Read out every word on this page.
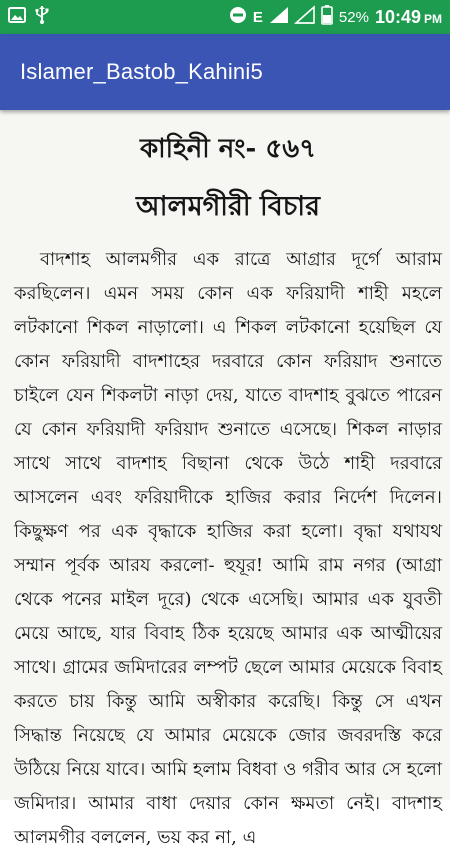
E	52% 10:49 PM
Islamer_Bastob_Kahini5
কাহিনী নং- ৫৬৭
আলমগীরী বিচার

বাদশাহ আলমগীর এক রাত্রে আগ্রার দূর্গে আরাম করছিলেন। এমন সময় কোন এক ফরিয়াদী শাহী মহলে লটকানো শিকল নাড়ালো। এ শিকল লটকানো হয়েছিল যে কোন ফরিয়াদী বাদশাহের দরবারে কোন ফরিয়াদ শুনাতে চাইলে যেন শিকলটা নাড়া দেয়, যাতে বাদশাহ বুঝতে পারেন যে কোন ফরিয়াদী ফরিয়াদ শুনাতে এসেছে। শিকল নাড়ার সাথে সাথে বাদশাহ বিছানা থেকে উঠে শাহী দরবারে আসলেন এবং ফরিয়াদীকে হাজির করার নির্দেশ দিলেন। কিছুক্ষণ পর এক বৃদ্ধাকে হাজির করা হলো। বৃদ্ধা যথাযথ সম্মান পূর্বক আরয করলো- হুযূর! আমি রাম নগর (আগ্রা থেকে পনের মাইল দূরে) থেকে এসেছি। আমার এক যুবতী মেয়ে আছে, যার বিবাহ ঠিক হয়েছে আমার এক আত্মীয়ের সাথে। গ্রামের জমিদারের লম্পট ছেলে আমার মেয়েকে বিবাহ করতে চায় কিন্তু আমি অস্বীকার করেছি। কিন্তু সে এখন সিদ্ধান্ত নিয়েছে যে আমার মেয়েকে জোর জবরদস্তি করে উঠিয়ে নিয়ে যাবে। আমি হলাম বিধবা ও গরীব আর সে হলো জমিদার। আমার বাধা দেয়ার কোন ক্ষমতা নেই। বাদশাহ আলমগীর বললেন, ভয় কর না, এ
